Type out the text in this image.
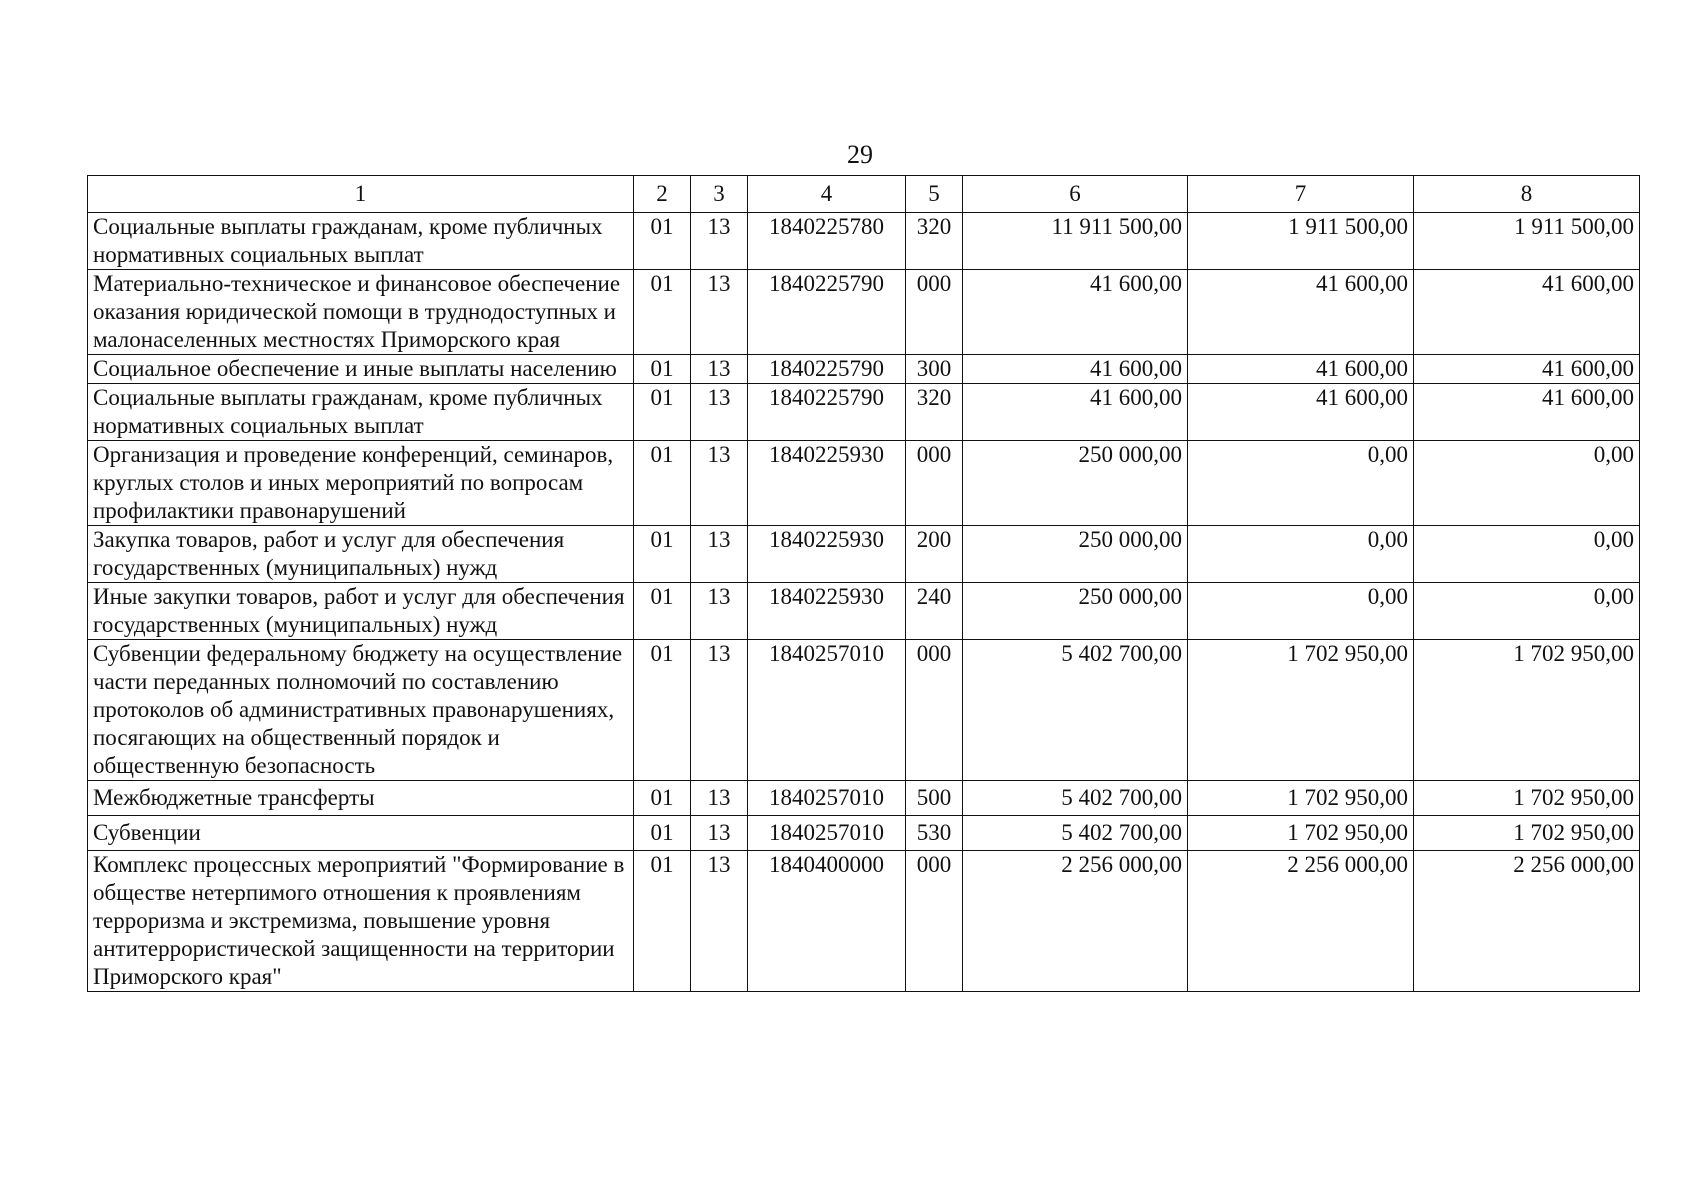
29
1	2	3	4	5	6	7	8
Социальные выплаты гражданам, кроме публичных нормативных социальных выплат	01	13	1840225780	320	11 911 500,00	1 911 500,00	1 911 500,00
Материально-техническое и финансовое обеспечение оказания юридической помощи в труднодоступных и малонаселенных местностях Приморского края	01	13	1840225790	000	41 600,00	41 600,00	41 600,00
Социальное обеспечение и иные выплаты населению	01	13	1840225790	300	41 600,00	41 600,00	41 600,00
Социальные выплаты гражданам, кроме публичных нормативных социальных выплат	01	13	1840225790	320	41 600,00	41 600,00	41 600,00
Организация и проведение конференций, семинаров, круглых столов и иных мероприятий по вопросам профилактики правонарушений	01	13	1840225930	000	250 000,00	0,00	0,00
Закупка товаров, работ и услуг для обеспечения государственных (муниципальных) нужд	01	13	1840225930	200	250 000,00	0,00	0,00
Иные закупки товаров, работ и услуг для обеспечения государственных (муниципальных) нужд	01	13	1840225930	240	250 000,00	0,00	0,00
Субвенции федеральному бюджету на осуществление части переданных полномочий по составлению протоколов об административных правонарушениях, посягающих на общественный порядок и общественную безопасность	01	13	1840257010	000	5 402 700,00	1 702 950,00	1 702 950,00
Межбюджетные трансферты	01	13	1840257010	500	5 402 700,00	1 702 950,00	1 702 950,00
Субвенции	01	13	1840257010	530	5 402 700,00	1 702 950,00	1 702 950,00
Комплекс процессных мероприятий "Формирование в обществе нетерпимого отношения к проявлениям терроризма и экстремизма, повышение уровня антитеррористической защищенности на территории Приморского края"	01	13	1840400000	000	2 256 000,00	2 256 000,00	2 256 000,00
